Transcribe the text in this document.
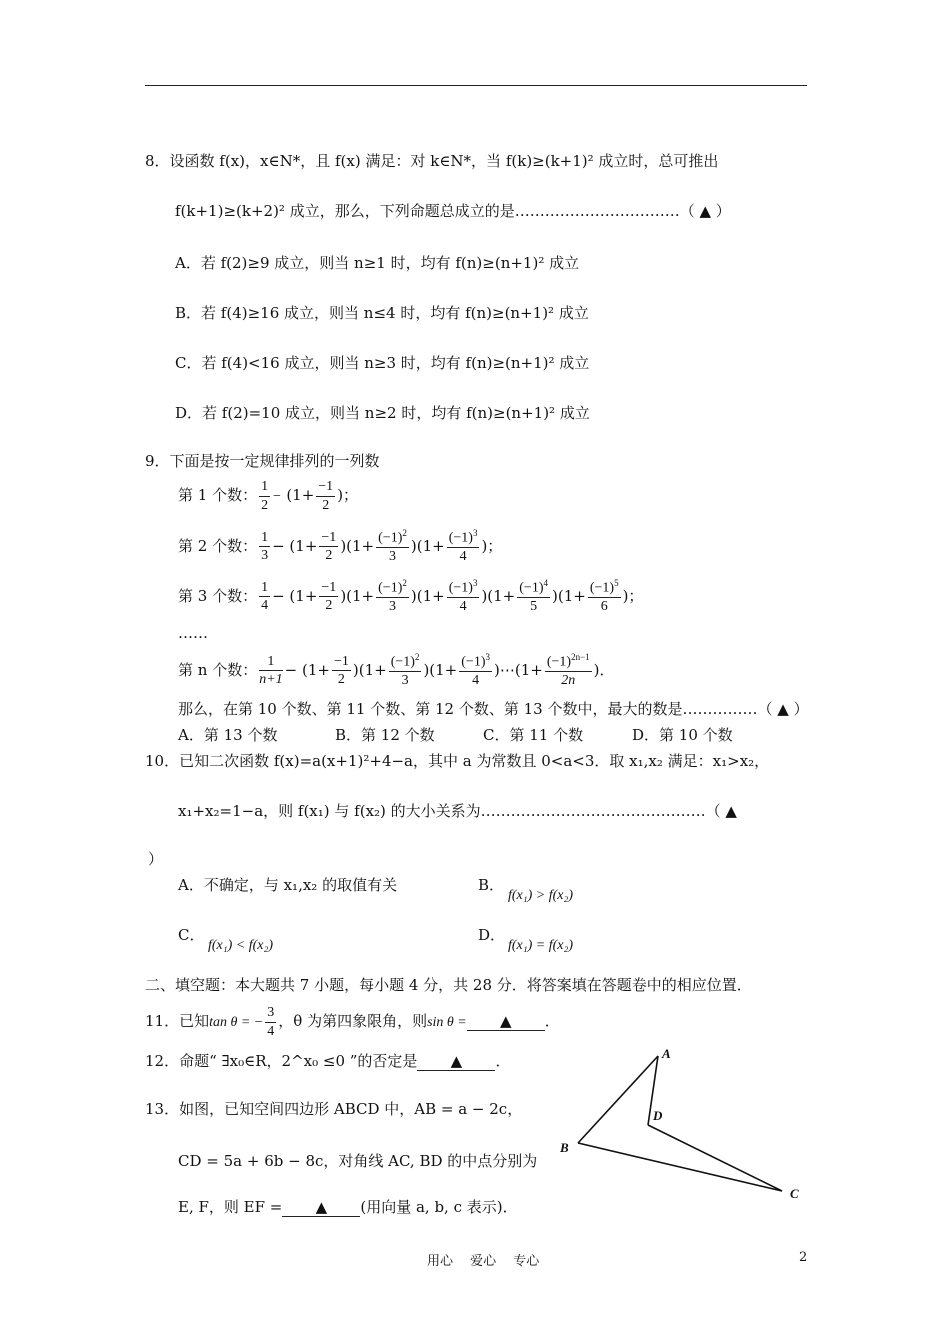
8．设函数 f(x)，x∈N*，且 f(x) 满足：对 k∈N*，当 f(k)≥(k+1)² 成立时，总可推出
f(k+1)≥(k+2)² 成立，那么，下列命题总成立的是……………………………（ ▲ ）
A．若 f(2)≥9 成立，则当 n≥1 时，均有 f(n)≥(n+1)² 成立
B．若 f(4)≥16 成立，则当 n≤4 时，均有 f(n)≥(n+1)² 成立
C．若 f(4)<16 成立，则当 n≥3 时，均有 f(n)≥(n+1)² 成立
D．若 f(2)=10 成立，则当 n≥2 时，均有 f(n)≥(n+1)² 成立
9．下面是按一定规律排列的一列数
第 1 个数： $\frac{1}{2} - (1+ \frac{-1}{2}$ )；
第 2 个数： $\frac{1}{3} - (1+ \frac{-1}{2} )(1+ \frac{(-1)^2}{3} )(1+ \frac{(-1)^3}{4}$ )；
第 3 个数： $\frac{1}{4} - (1+ \frac{-1}{2} )(1+ \frac{(-1)^2}{3} )(1+ \frac{(-1)^3}{4} )(1+ \frac{(-1)^4}{5} )(1+ \frac{(-1)^5}{6}$ )；
……
第 n 个数： $\frac{1}{n+1} - (1+ \frac{-1}{2} )(1+ \frac{(-1)^2}{3} )(1+ \frac{(-1)^3}{4}$ )⋯(1+ $\frac{(-1)^{2n-1}}{2n}$ )．
那么，在第 10 个数、第 11 个数、第 12 个数、第 13 个数中，最大的数是……………（ ▲ ）
A．第 13 个数	B．第 12 个数	C．第 11 个数	D．第 10 个数
10．已知二次函数 f(x)=a(x+1)²+4−a，其中 a 为常数且 0<a<3．取 x₁,x₂ 满足：x₁>x₂，
x₁+x₂=1−a，则 f(x₁) 与 f(x₂) 的大小关系为………………………………………（ ▲
）
A．不确定，与 x₁,x₂ 的取值有关	B．
f(x₁) > f(x₂)
C．
f(x₁) < f(x₂)
D．
f(x₁) = f(x₂)
二、填空题：本大题共 7 小题，每小题 4 分，共 28 分．将答案填在答题卷中的相应位置．
11．已知tan θ = − $\frac{3}{4}$ ，θ 为第四象限角，则sin θ = ▲ ．
12．命题“ ∃x₀∈R，2^x₀ ≤0 ”的否定是 ▲ ．
13．如图，已知空间四边形 ABCD 中，AB = a − 2c，
CD = 5a + 6b − 8c，对角线 AC, BD 的中点分别为
E, F，则 EF = ▲ (用向量 a, b, c 表示)．
A
B
C
D
用心　 爱心　 专心	2
